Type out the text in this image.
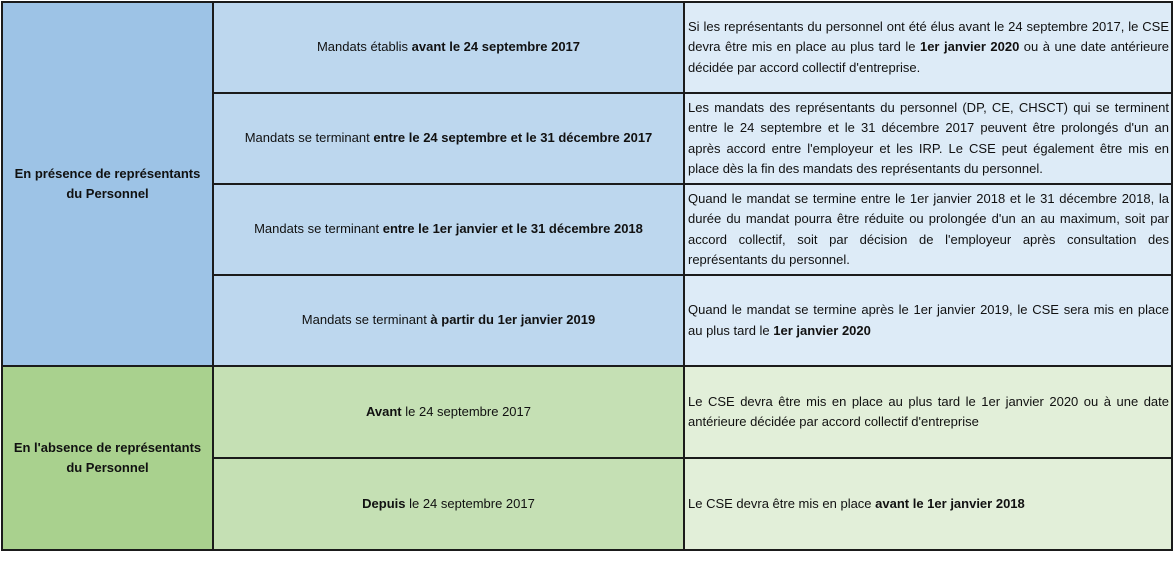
En présence de représentants du Personnel	Mandats établis avant le 24 septembre 2017	Si les représentants du personnel ont été élus avant le 24 septembre 2017, le CSE devra être mis en place au plus tard le 1er janvier 2020 ou à une date antérieure décidée par accord collectif d'entreprise.
	Mandats se terminant entre le 24 septembre et le 31 décembre 2017	Les mandats des représentants du personnel (DP, CE, CHSCT) qui se terminent entre le 24 septembre et le 31 décembre 2017 peuvent être prolongés d'un an après accord entre l'employeur et les IRP. Le CSE peut également être mis en place dès la fin des mandats des représentants du personnel.
	Mandats se terminant entre le 1er janvier et le 31 décembre 2018	Quand le mandat se termine entre le 1er janvier 2018 et le 31 décembre 2018, la durée du mandat pourra être réduite ou prolongée d'un an au maximum, soit par accord collectif, soit par décision de l'employeur après consultation des représentants du personnel.
	Mandats se terminant à partir du 1er janvier 2019	Quand le mandat se termine après le 1er janvier 2019, le CSE sera mis en place au plus tard le 1er janvier 2020
En l'absence de représentants du Personnel	Avant le 24 septembre 2017	Le CSE devra être mis en place au plus tard le 1er janvier 2020 ou à une date antérieure décidée par accord collectif d'entreprise
	Depuis le 24 septembre 2017	Le CSE devra être mis en place avant le 1er janvier 2018
